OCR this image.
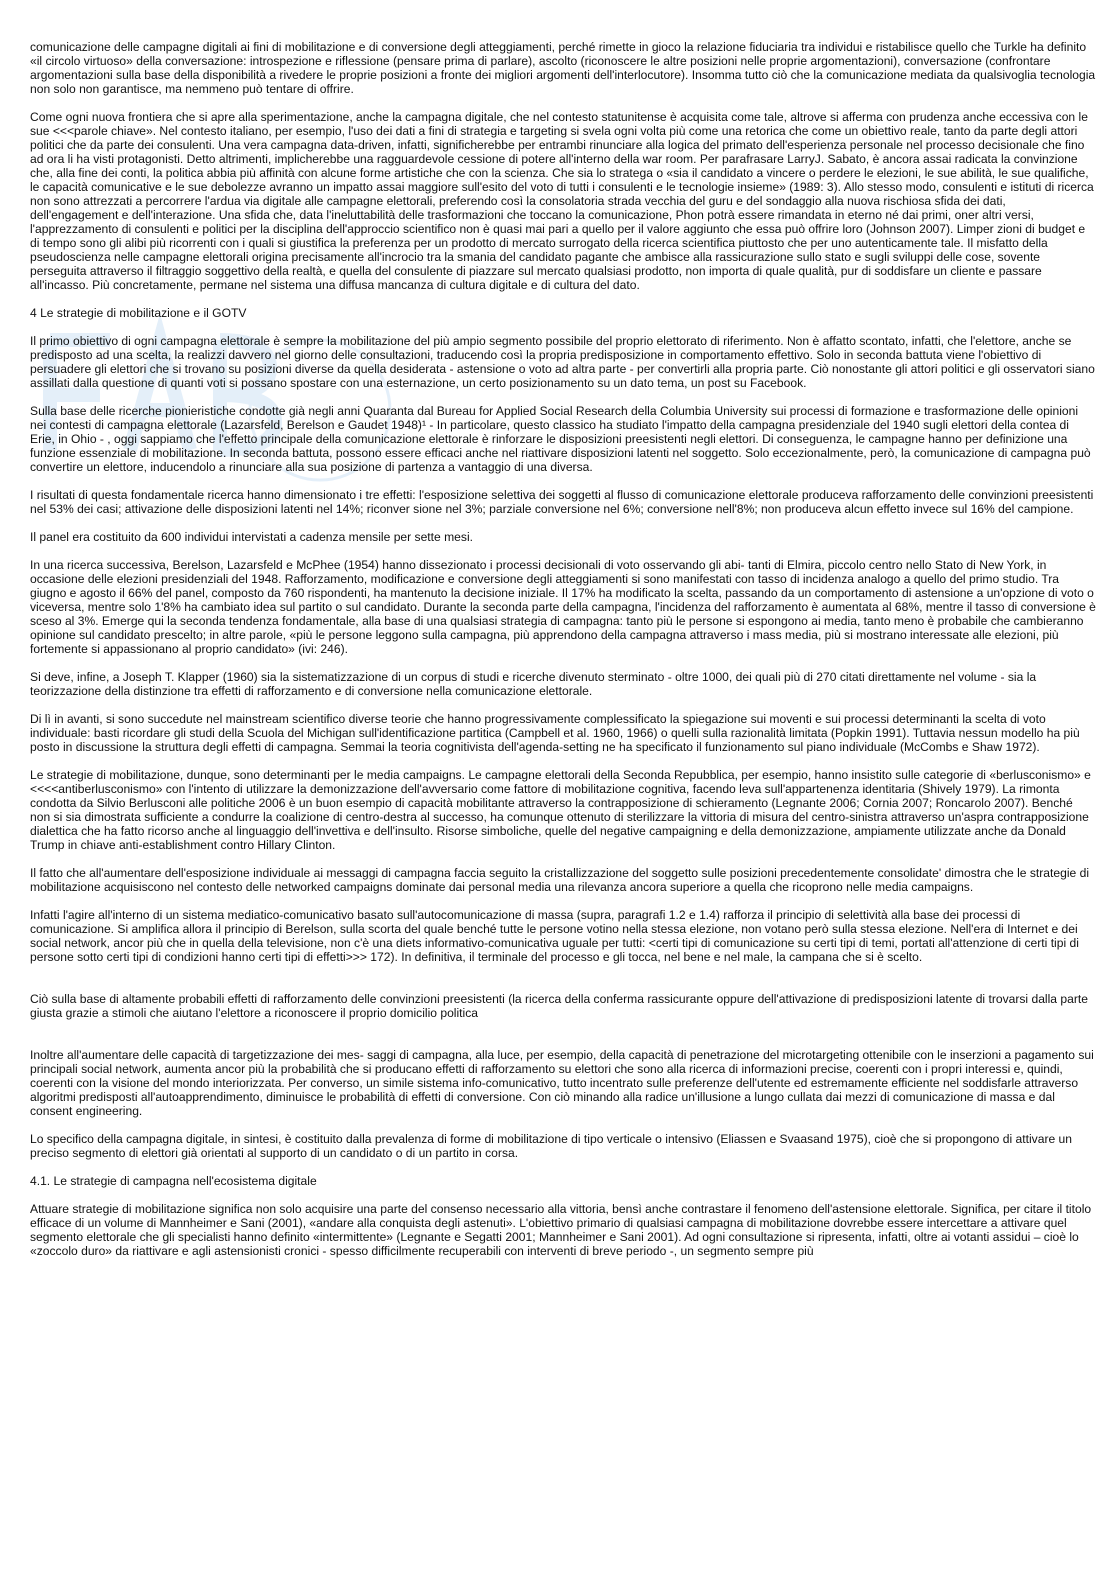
comunicazione delle campagne digitali ai fini di mobilitazione e di conversione degli atteggiamenti, perché rimette in gioco la relazione fiduciaria tra individui e ristabilisce quello che Turkle ha definito «il circolo virtuoso» della conversazione: introspezione e riflessione (pensare prima di parlare), ascolto (riconoscere le altre posizioni nelle proprie argomentazioni), conversazione (confrontare argomentazioni sulla base della disponibilità a rivedere le proprie posizioni a fronte dei migliori argomenti dell'interlocutore). Insomma tutto ciò che la comunicazione mediata da qualsivoglia tecnologia non solo non garantisce, ma nemmeno può tentare di offrire.

Come ogni nuova frontiera che si apre alla sperimentazione, anche la campagna digitale, che nel contesto statunitense è acquisita come tale, altrove si afferma con prudenza anche eccessiva con le sue <<<parole chiave». Nel contesto italiano, per esempio, l'uso dei dati a fini di strategia e targeting si svela ogni volta più come una retorica che come un obiettivo reale, tanto da parte degli attori politici che da parte dei consulenti. Una vera campagna data-driven, infatti, significherebbe per entrambi rinunciare alla logica del primato dell'esperienza personale nel processo decisionale che fino ad ora li ha visti protagonisti. Detto altrimenti, implicherebbe una ragguardevole cessione di potere all'interno della war room. Per parafrasare LarryJ. Sabato, è ancora assai radicata la convinzione che, alla fine dei conti, la politica abbia più affinità con alcune forme artistiche che con la scienza. Che sia lo stratega o «sia il candidato a vincere o perdere le elezioni, le sue abilità, le sue qualifiche, le capacità comunicative e le sue debolezze avranno un impatto assai maggiore sull'esito del voto di tutti i consulenti e le tecnologie insieme» (1989: 3). Allo stesso modo, consulenti e istituti di ricerca non sono attrezzati a percorrere l'ardua via digitale alle campagne elettorali, preferendo così la consolatoria strada vecchia del guru e del sondaggio alla nuova rischiosa sfida dei dati, dell'engagement e dell'interazione. Una sfida che, data l'ineluttabilità delle trasformazioni che toccano la comunicazione, Phon potrà essere rimandata in eterno né dai primi, oner altri versi, l'apprezzamento di consulenti e politici per la disciplina dell'approccio scientifico non è quasi mai pari a quello per il valore aggiunto che essa può offrire loro (Johnson 2007). Limper zioni di budget e di tempo sono gli alibi più ricorrenti con i quali si giustifica la preferenza per un prodotto di mercato surrogato della ricerca scientifica piuttosto che per uno autenticamente tale. Il misfatto della pseudoscienza nelle campagne elettorali origina precisamente all'incrocio tra la smania del candidato pagante che ambisce alla rassicurazione sullo stato e sugli sviluppi delle cose, sovente perseguita attraverso il filtraggio soggettivo della realtà, e quella del consulente di piazzare sul mercato qualsiasi prodotto, non importa di quale qualità, pur di soddisfare un cliente e passare all'incasso. Più concretamente, permane nel sistema una diffusa mancanza di cultura digitale e di cultura del dato.

4 Le strategie di mobilitazione e il GOTV

Il primo obiettivo di ogni campagna elettorale è sempre la mobilitazione del più ampio segmento possibile del proprio elettorato di riferimento. Non è affatto scontato, infatti, che l'elettore, anche se predisposto ad una scelta, la realizzi davvero nel giorno delle consultazioni, traducendo così la propria predisposizione in comportamento effettivo. Solo in seconda battuta viene l'obiettivo di persuadere gli elettori che si trovano su posizioni diverse da quella desiderata - astensione o voto ad altra parte - per convertirli alla propria parte. Ciò nonostante gli attori politici e gli osservatori siano assillati dalla questione di quanti voti si possano spostare con una esternazione, un certo posizionamento su un dato tema, un post su Facebook.

Sulla base delle ricerche pionieristiche condotte già negli anni Quaranta dal Bureau for Applied Social Research della Columbia University sui processi di formazione e trasformazione delle opinioni nei contesti di campagna elettorale (Lazarsfeld, Berelson e Gaudet 1948)¹ - In particolare, questo classico ha studiato l'impatto della campagna presidenziale del 1940 sugli elettori della contea di Erie, in Ohio - , oggi sappiamo che l'effetto principale della comunicazione elettorale è rinforzare le disposizioni preesistenti negli elettori. Di conseguenza, le campagne hanno per definizione una funzione essenziale di mobilitazione. In seconda battuta, possono essere efficaci anche nel riattivare disposizioni latenti nel soggetto. Solo eccezionalmente, però, la comunicazione di campagna può convertire un elettore, inducendolo a rinunciare alla sua posizione di partenza a vantaggio di una diversa.

I risultati di questa fondamentale ricerca hanno dimensionato i tre effetti: l'esposizione selettiva dei soggetti al flusso di comunicazione elettorale produceva rafforzamento delle convinzioni preesistenti nel 53% dei casi; attivazione delle disposizioni latenti nel 14%; riconver sione nel 3%; parziale conversione nel 6%; conversione nell'8%; non produceva alcun effetto invece sul 16% del campione.

Il panel era costituito da 600 individui intervistati a cadenza mensile per sette mesi.

In una ricerca successiva, Berelson, Lazarsfeld e McPhee (1954) hanno dissezionato i processi decisionali di voto osservando gli abi- tanti di Elmira, piccolo centro nello Stato di New York, in occasione delle elezioni presidenziali del 1948. Rafforzamento, modificazione e conversione degli atteggiamenti si sono manifestati con tasso di incidenza analogo a quello del primo studio. Tra giugno e agosto il 66% del panel, composto da 760 rispondenti, ha mantenuto la decisione iniziale. Il 17% ha modificato la scelta, passando da un comportamento di astensione a un'opzione di voto o viceversa, mentre solo 1'8% ha cambiato idea sul partito o sul candidato. Durante la seconda parte della campagna, l'incidenza del rafforzamento è aumentata al 68%, mentre il tasso di conversione è sceso al 3%. Emerge qui la seconda tendenza fondamentale, alla base di una qualsiasi strategia di campagna: tanto più le persone si espongono ai media, tanto meno è probabile che cambieranno opinione sul candidato prescelto; in altre parole, «più le persone leggono sulla campagna, più apprendono della campagna attraverso i mass media, più si mostrano interessate alle elezioni, più fortemente si appassionano al proprio candidato» (ivi: 246).

Si deve, infine, a Joseph T. Klapper (1960) sia la sistematizzazione di un corpus di studi e ricerche divenuto sterminato - oltre 1000, dei quali più di 270 citati direttamente nel volume - sia la teorizzazione della distinzione tra effetti di rafforzamento e di conversione nella comunicazione elettorale.

Di lì in avanti, si sono succedute nel mainstream scientifico diverse teorie che hanno progressivamente complessificato la spiegazione sui moventi e sui processi determinanti la scelta di voto individuale: basti ricordare gli studi della Scuola del Michigan sull'identificazione partitica (Campbell et al. 1960, 1966) o quelli sulla razionalità limitata (Popkin 1991). Tuttavia nessun modello ha più posto in discussione la struttura degli effetti di campagna. Semmai la teoria cognitivista dell'agenda-setting ne ha specificato il funzionamento sul piano individuale (McCombs e Shaw 1972).

Le strategie di mobilitazione, dunque, sono determinanti per le media campaigns. Le campagne elettorali della Seconda Repubblica, per esempio, hanno insistito sulle categorie di «berlusconismo» e <<<<antiberlusconismo» con l'intento di utilizzare la demonizzazione dell'avversario come fattore di mobilitazione cognitiva, facendo leva sull'appartenenza identitaria (Shively 1979). La rimonta condotta da Silvio Berlusconi alle politiche 2006 è un buon esempio di capacità mobilitante attraverso la contrapposizione di schieramento (Legnante 2006; Cornia 2007; Roncarolo 2007). Benché non si sia dimostrata sufficiente a condurre la coalizione di centro-destra al successo, ha comunque ottenuto di sterilizzare la vittoria di misura del centro-sinistra attraverso un'aspra contrapposizione dialettica che ha fatto ricorso anche al linguaggio dell'invettiva e dell'insulto. Risorse simboliche, quelle del negative campaigning e della demonizzazione, ampiamente utilizzate anche da Donald Trump in chiave anti-establishment contro Hillary Clinton.

Il fatto che all'aumentare dell'esposizione individuale ai messaggi di campagna faccia seguito la cristallizzazione del soggetto sulle posizioni precedentemente consolidate' dimostra che le strategie di mobilitazione acquisiscono nel contesto delle networked campaigns dominate dai personal media una rilevanza ancora superiore a quella che ricoprono nelle media campaigns.

Infatti l'agire all'interno di un sistema mediatico-comunicativo basato sull'autocomunicazione di massa (supra, paragrafi 1.2 e 1.4) rafforza il principio di selettività alla base dei processi di comunicazione. Si amplifica allora il principio di Berelson, sulla scorta del quale benché tutte le persone votino nella stessa elezione, non votano però sulla stessa elezione. Nell'era di Internet e dei social network, ancor più che in quella della televisione, non c'è una diets informativo-comunicativa uguale per tutti: <certi tipi di comunicazione su certi tipi di temi, portati all'attenzione di certi tipi di persone sotto certi tipi di condizioni hanno certi tipi di effetti>>> 172). In definitiva, il terminale del processo e gli tocca, nel bene e nel male, la campana che si è scelto.

Ciò sulla base di altamente probabili effetti di rafforzamento delle convinzioni preesistenti (la ricerca della conferma rassicurante oppure dell'attivazione di predisposizioni latente di trovarsi dalla parte giusta grazie a stimoli che aiutano l'elettore a riconoscere il proprio domicilio politica

Inoltre all'aumentare delle capacità di targetizzazione dei mes- saggi di campagna, alla luce, per esempio, della capacità di penetrazione del microtargeting ottenibile con le inserzioni a pagamento sui principali social network, aumenta ancor più la probabilità che si producano effetti di rafforzamento su elettori che sono alla ricerca di informazioni precise, coerenti con i propri interessi e, quindi, coerenti con la visione del mondo interiorizzata. Per converso, un simile sistema info-comunicativo, tutto incentrato sulle preferenze dell'utente ed estremamente efficiente nel soddisfarle attraverso algoritmi predisposti all'autoapprendimento, diminuisce le probabilità di effetti di conversione. Con ciò minando alla radice un'illusione a lungo cullata dai mezzi di comunicazione di massa e dal consent engineering.

Lo specifico della campagna digitale, in sintesi, è costituito dalla prevalenza di forme di mobilitazione di tipo verticale o intensivo (Eliassen e Svaasand 1975), cioè che si propongono di attivare un preciso segmento di elettori già orientati al supporto di un candidato o di un partito in corsa.

4.1. Le strategie di campagna nell'ecosistema digitale

Attuare strategie di mobilitazione significa non solo acquisire una parte del consenso necessario alla vittoria, bensì anche contrastare il fenomeno dell'astensione elettorale. Significa, per citare il titolo efficace di un volume di Mannheimer e Sani (2001), «andare alla conquista degli astenuti». L'obiettivo primario di qualsiasi campagna di mobilitazione dovrebbe essere intercettare a attivare quel segmento elettorale che gli specialisti hanno definito «intermittente» (Legnante e Segatti 2001; Mannheimer e Sani 2001). Ad ogni consultazione si ripresenta, infatti, oltre ai votanti assidui – cioè lo «zoccolo duro» da riattivare e agli astensionisti cronici - spesso difficilmente recuperabili con interventi di breve periodo -, un segmento sempre più
